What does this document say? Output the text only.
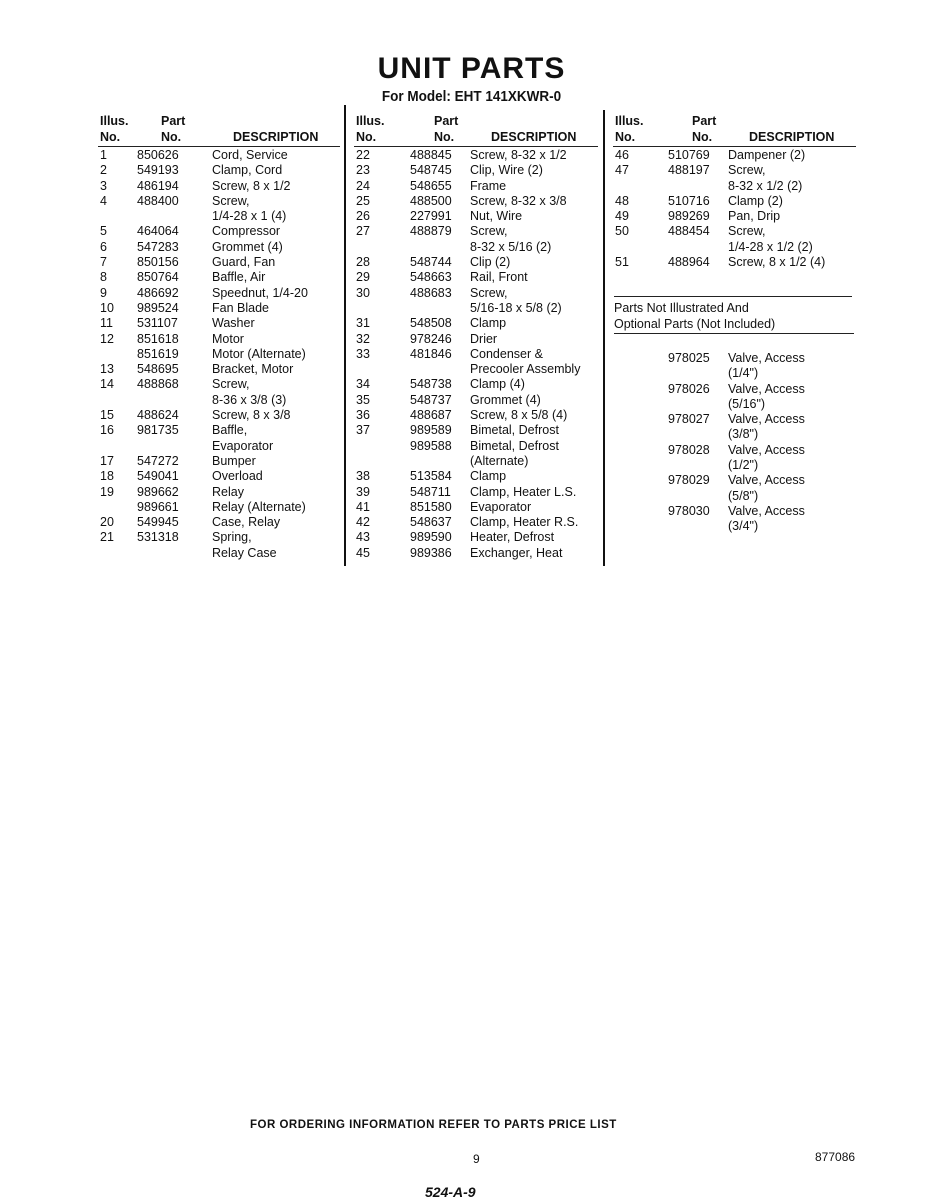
UNIT PARTS
For Model: EHT 141XKWR-0
Illus.
No.
Part
No.	DESCRIPTION
1 850626	Cord, Service
2 549193	Clamp, Cord
3 486194	Screw, 8 x 1/2
4 488400	Screw,
1/4-28 x 1 (4)
5 464064	Compressor
6 547283	Grommet (4)
7 850156	Guard, Fan
8 850764	Baffle, Air
9 486692	Speednut, 1/4-20
10 989524	Fan Blade
11 531107	Washer
12 851618	Motor
851619	Motor (Alternate)
13 548695	Bracket, Motor
14 488868	Screw,
8-36 x 3/8 (3)
15 488624	Screw, 8 x 3/8
16 981735	Baffle,
Evaporator
17 547272	Bumper
18 549041	Overload
19 989662	Relay
989661	Relay (Alternate)
20 549945	Case, Relay
21 531318	Spring,
Relay Case
Illus.
No.
Part
No.	DESCRIPTION
22	488845 Screw, 8-32 x 1/2
23	548745 Clip, Wire (2)
24	548655 Frame
25	488500 Screw, 8-32 x 3/8
26	227991 Nut, Wire
27	488879 Screw,
8-32 x 5/16 (2)
28	548744 Clip (2)
29	548663 Rail, Front
30	488683 Screw,
5/16-18 x 5/8 (2)
31	548508 Clamp
32	978246 Drier
33	481846 Condenser &
Precooler Assembly
34	548738 Clamp (4)
35	548737 Grommet (4)
36	488687 Screw, 8 x 5/8 (4)
37	989589 Bimetal, Defrost
989588 Bimetal, Defrost
(Alternate)
38	513584 Clamp
39	548711 Clamp, Heater L.S.
41	851580 Evaporator
42	548637 Clamp, Heater R.S.
43	989590 Heater, Defrost
45	989386 Exchanger, Heat
Illus.
No.
Part
No.	DESCRIPTION
46	510769 Dampener (2)
47	488197 Screw,
8-32 x 1/2 (2)
48	510716 Clamp (2)
49	989269 Pan, Drip
50	488454 Screw,
1/4-28 x 1/2 (2)
51	488964 Screw, 8 x 1/2 (4)
Parts Not Illustrated And
Optional Parts (Not Included)
978025 Valve, Access
(1/4")
978026 Valve, Access
(5/16")
978027 Valve, Access
(3/8")
978028 Valve, Access
(1/2")
978029 Valve, Access
(5/8")
978030 Valve, Access
(3/4")
FOR ORDERING INFORMATION REFER TO PARTS PRICE LIST
9	877086
524-A-9
